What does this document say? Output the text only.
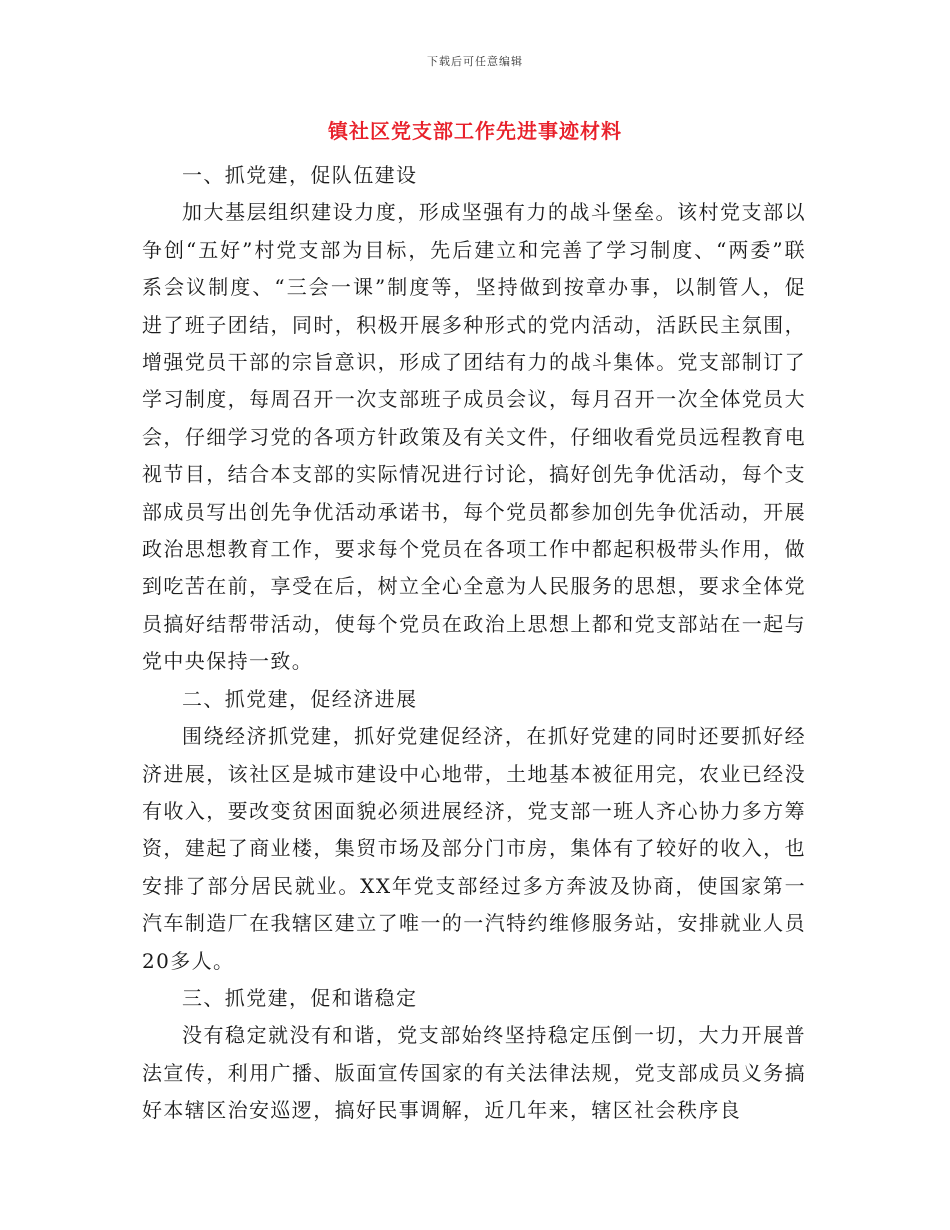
下载后可任意编辑
镇社区党支部工作先进事迹材料

一、抓党建，促队伍建设

加大基层组织建设力度，形成坚强有力的战斗堡垒。该村党支部以争创“五好”村党支部为目标，先后建立和完善了学习制度、“两委”联系会议制度、“三会一课”制度等，坚持做到按章办事，以制管人，促进了班子团结，同时，积极开展多种形式的党内活动，活跃民主氛围，增强党员干部的宗旨意识，形成了团结有力的战斗集体。党支部制订了学习制度，每周召开一次支部班子成员会议，每月召开一次全体党员大会，仔细学习党的各项方针政策及有关文件，仔细收看党员远程教育电视节目，结合本支部的实际情况进行讨论，搞好创先争优活动，每个支部成员写出创先争优活动承诺书，每个党员都参加创先争优活动，开展政治思想教育工作，要求每个党员在各项工作中都起积极带头作用，做到吃苦在前，享受在后，树立全心全意为人民服务的思想，要求全体党员搞好结帮带活动，使每个党员在政治上思想上都和党支部站在一起与党中央保持一致。

二、抓党建，促经济进展

围绕经济抓党建，抓好党建促经济，在抓好党建的同时还要抓好经济进展，该社区是城市建设中心地带，土地基本被征用完，农业已经没有收入，要改变贫困面貌必须进展经济，党支部一班人齐心协力多方筹资，建起了商业楼，集贸市场及部分门市房，集体有了较好的收入，也安排了部分居民就业。XX年党支部经过多方奔波及协商，使国家第一汽车制造厂在我辖区建立了唯一的一汽特约维修服务站，安排就业人员20多人。

三、抓党建，促和谐稳定

没有稳定就没有和谐，党支部始终坚持稳定压倒一切，大力开展普法宣传，利用广播、版面宣传国家的有关法律法规，党支部成员义务搞好本辖区治安巡逻，搞好民事调解，近几年来，辖区社会秩序良
